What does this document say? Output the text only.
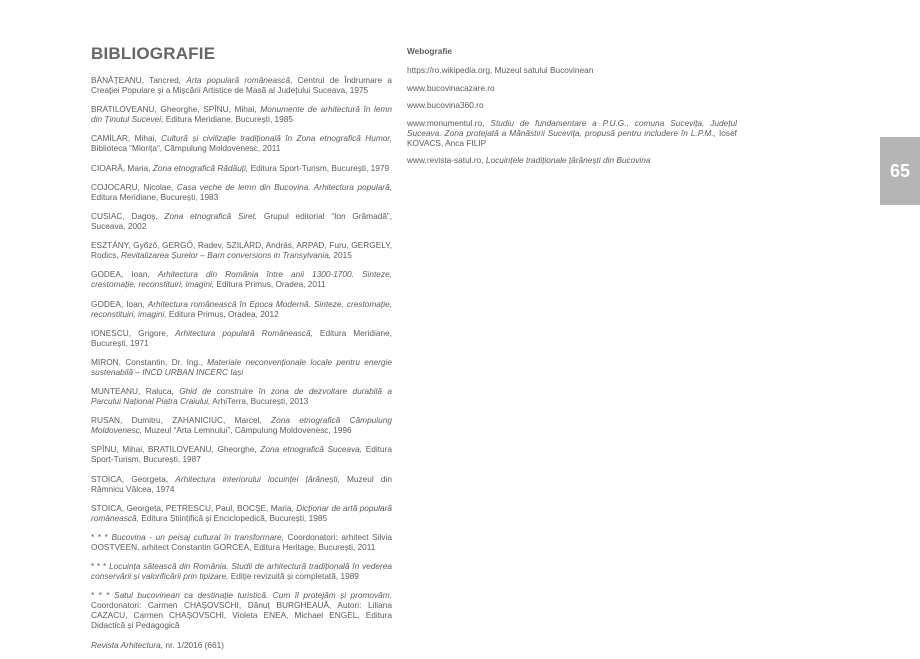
BIBLIOGRAFIE

BĂNĂȚEANU, Tancred, Arta populară românească, Centrul de Îndrumare a Creației Populare și a Mișcării Artistice de Masă al Județului Suceava, 1975

BRATILOVEANU, Gheorghe, SPÎNU, Mihai, Monumente de arhitectură în lemn din Ținutul Sucevei, Editura Meridiane, București, 1985

CAMILAR, Mihai, Cultură și civilizație tradițională în Zona etnografică Humor, Biblioteca “Miorița”, Câmpulung Moldovenesc, 2011

CIOARĂ, Maria, Zona etnografică Rădăuți, Editura Sport-Turism, București, 1979

COJOCARU, Nicolae, Casa veche de lemn din Bucovina. Arhitectura populară, Editura Meridiane, București, 1983

CUSIAC, Dagoș, Zona etnografică Siret, Grupul editorial “Ion Grămadă”, Suceava, 2002

ESZTÁNY, Győző, GERGŐ, Radev, SZILÁRD, András, ARPAD, Furu, GERGELY, Rodics, Revitalizarea Șurelor – Barn conversions in Transylvania, 2015

GODEA, Ioan, Arhitectura din România între anii 1300-1700. Sinteze, crestomație, reconstituiri, imagini, Editura Primus, Oradea, 2011

GODEA, Ioan, Arhitectura românească în Epoca Modernă. Sinteze, crestomație, reconstituiri, imagini, Editura Primus, Oradea, 2012

IONESCU, Grigore, Arhitectura populară Românească, Editura Meridiane, București, 1971

MIRON, Constantin, Dr. Ing., Materiale neconvenționale locale pentru energie sustenabilă – INCD URBAN INCERC Iași

MUNTEANU, Raluca, Ghid de construire în zona de dezvoltare durabilă a Parcului Național Piatra Craiului, ArhiTerra, București, 2013

RUSAN, Dumitru, ZAHANICIUC, Marcel, Zona etnografică Câmpulung Moldovenesc, Muzeul “Arta Lemnului”, Câmpulung Moldovenesc, 1996

SPÎNU, Mihai, BRATILOVEANU, Gheorghe, Zona etnografică Suceava, Editura Sport-Turism, București, 1987

STOICA, Georgeta, Arhitectura interiorului locuinței țărănești, Muzeul din Râmnicu Vâlcea, 1974

STOICA, Georgeta, PETRESCU, Paul, BOCȘE, Maria, Dicționar de artă populară românească, Editura Științifică și Enciclopedică, București, 1985

* * * Bucovina - un peisaj cultural în transformare, Coordonatori: arhitect Silvia OOSTVEEN, arhitect Constantin GORCEA, Editura Heritage, București, 2011

* * * Locuința sătească din România. Studii de arhitectură tradițională în vederea conservării și valorificării prin tipizare, Ediție revizuită și completată, 1989

* * * Satul bucovinean ca destinație turistică. Cum îl protejăm și promovăm, Coordonatori: Carmen CHAȘOVSCHI, Dănuț BURGHEAUĂ, Autori: Liliana CAZACU, Carmen CHAȘOVSCHI, Violeta ENEA, Michael ENGEL, Editura Didactică și Pedagogică

Revista Arhitectura, nr. 1/2016 (661)

Webografie

https://ro.wikipedia.org, Muzeul satului Bucovinean

www.bucovinacazare.ro

www.bucovina360.ro

www.monumentul.ro, Studiu de fundamentare a P.U.G., comuna Sucevița, Județul Suceava. Zona protejată a Mănăstirii Sucevița, propusă pentru includere în L.P.M., Iosef KOVACS, Anca FILIP

www.revista-satul.ro, Locuințele tradiționale țărănești din Bucovina

65
